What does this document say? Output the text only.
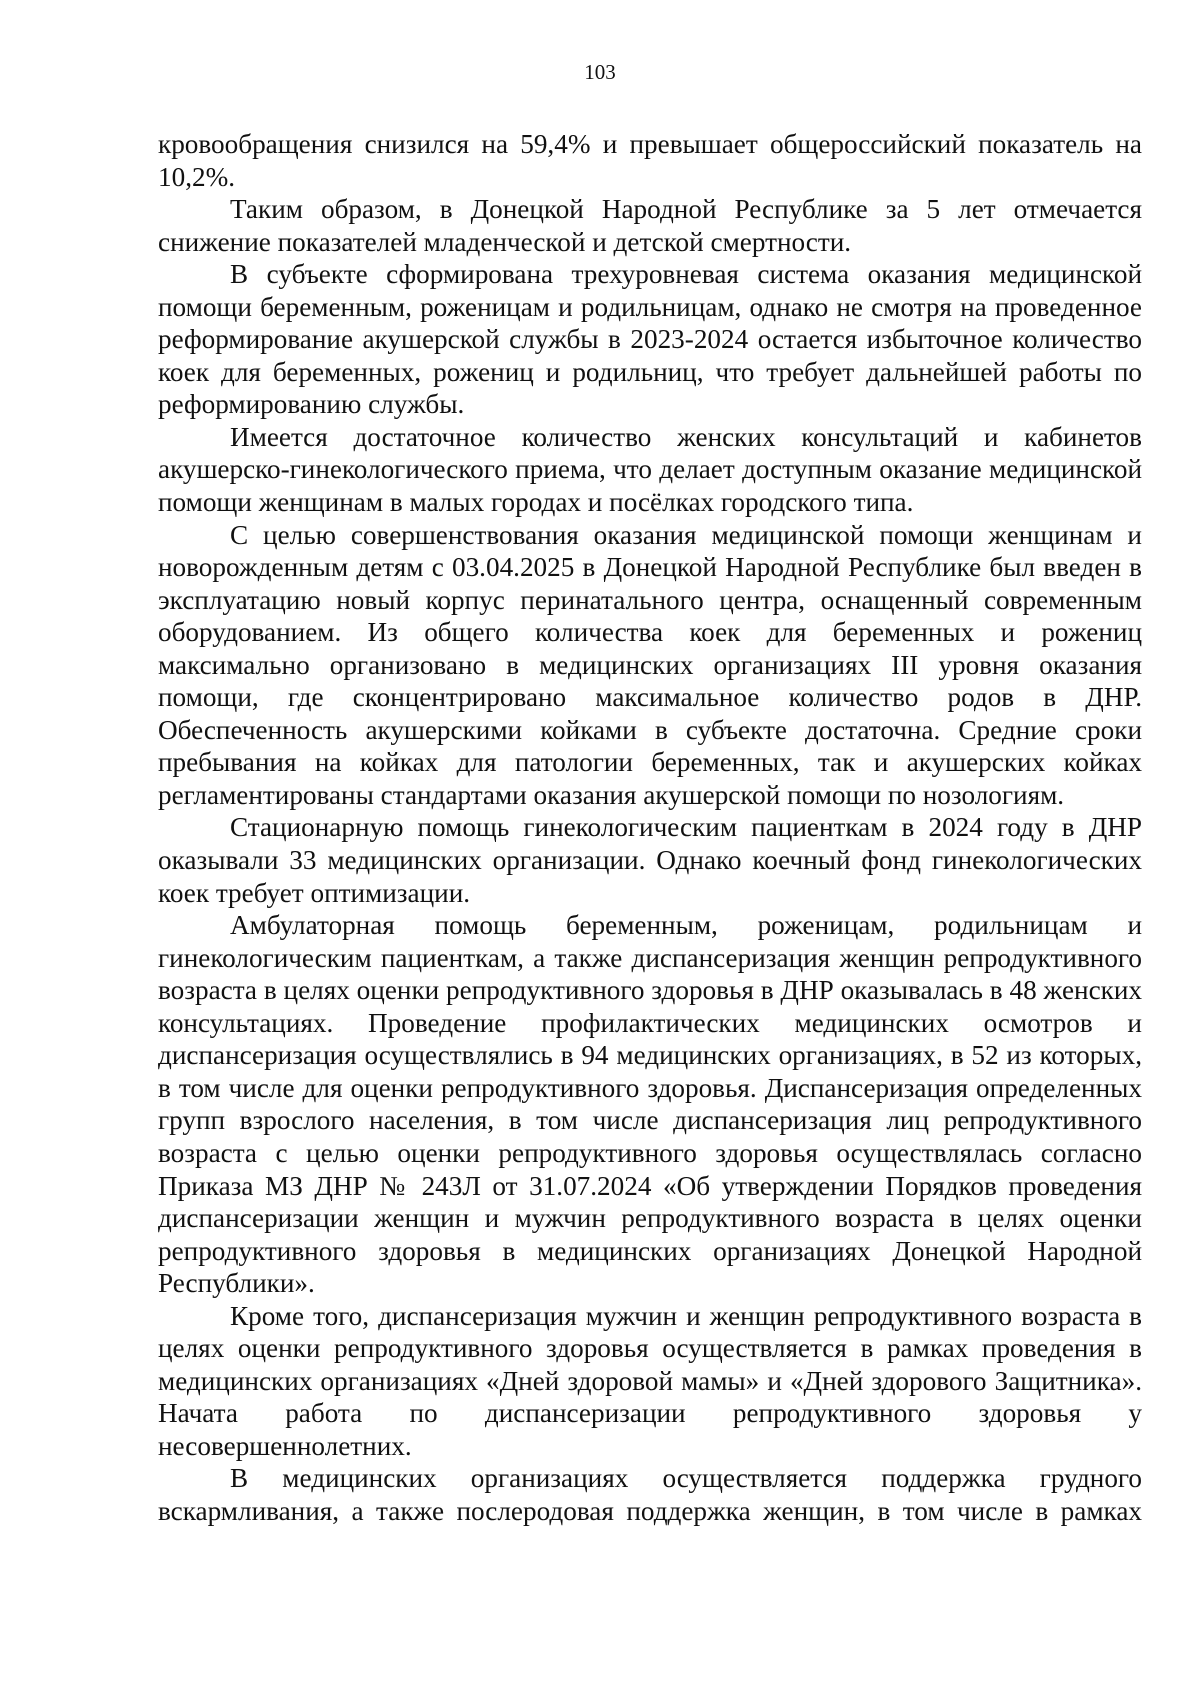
103

кровообращения снизился на 59,4% и превышает общероссийский показатель на 10,2%.

Таким образом, в Донецкой Народной Республике за 5 лет отмечается снижение показателей младенческой и детской смертности.

В субъекте сформирована трехуровневая система оказания медицинской помощи беременным, роженицам и родильницам, однако не смотря на проведенное реформирование акушерской службы в 2023-2024 остается избыточное количество коек для беременных, рожениц и родильниц, что требует дальнейшей работы по реформированию службы.

Имеется достаточное количество женских консультаций и кабинетов акушерско-гинекологического приема, что делает доступным оказание медицинской помощи женщинам в малых городах и посёлках городского типа.

С целью совершенствования оказания медицинской помощи женщинам и новорожденным детям с 03.04.2025 в Донецкой Народной Республике был введен в эксплуатацию новый корпус перинатального центра, оснащенный современным оборудованием. Из общего количества коек для беременных и рожениц максимально организовано в медицинских организациях III уровня оказания помощи, где сконцентрировано максимальное количество родов в ДНР. Обеспеченность акушерскими койками в субъекте достаточна. Средние сроки пребывания на койках для патологии беременных, так и акушерских койках регламентированы стандартами оказания акушерской помощи по нозологиям.

Стационарную помощь гинекологическим пациенткам в 2024 году в ДНР оказывали 33 медицинских организации. Однако коечный фонд гинекологических коек требует оптимизации.

Амбулаторная помощь беременным, роженицам, родильницам и гинекологическим пациенткам, а также диспансеризация женщин репродуктивного возраста в целях оценки репродуктивного здоровья в ДНР оказывалась в 48 женских консультациях. Проведение профилактических медицинских осмотров и диспансеризация осуществлялись в 94 медицинских организациях, в 52 из которых, в том числе для оценки репродуктивного здоровья. Диспансеризация определенных групп взрослого населения, в том числе диспансеризация лиц репродуктивного возраста с целью оценки репродуктивного здоровья осуществлялась согласно Приказа МЗ ДНР № 243Л от 31.07.2024 «Об утверждении Порядков проведения диспансеризации женщин и мужчин репродуктивного возраста в целях оценки репродуктивного здоровья в медицинских организациях Донецкой Народной Республики».

Кроме того, диспансеризация мужчин и женщин репродуктивного возраста в целях оценки репродуктивного здоровья осуществляется в рамках проведения в медицинских организациях «Дней здоровой мамы» и «Дней здорового Защитника». Начата работа по диспансеризации репродуктивного здоровья у несовершеннолетних.

В медицинских организациях осуществляется поддержка грудного вскармливания, а также послеродовая поддержка женщин, в том числе в рамках
